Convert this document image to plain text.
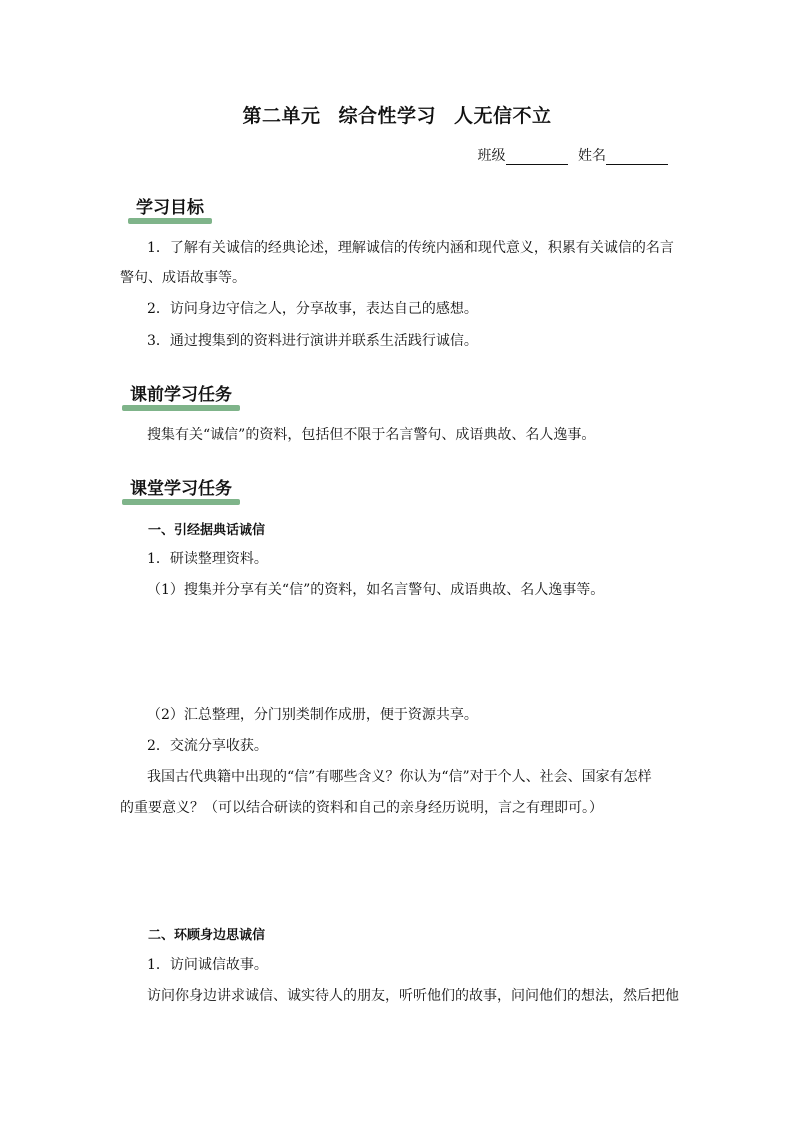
第二单元 综合性学习 人无信不立
班级	姓名
学习目标
1．了解有关诚信的经典论述，理解诚信的传统内涵和现代意义，积累有关诚信的名言
警句、成语故事等。
2．访问身边守信之人，分享故事，表达自己的感想。
3．通过搜集到的资料进行演讲并联系生活践行诚信。
课前学习任务
搜集有关“诚信”的资料，包括但不限于名言警句、成语典故、名人逸事。
课堂学习任务
一、引经据典话诚信
1．研读整理资料。
（1）搜集并分享有关“信”的资料，如名言警句、成语典故、名人逸事等。
（2）汇总整理，分门别类制作成册，便于资源共享。
2．交流分享收获。
我国古代典籍中出现的“信”有哪些含义？你认为“信”对于个人、社会、国家有怎样
的重要意义？（可以结合研读的资料和自己的亲身经历说明，言之有理即可。）
二、环顾身边思诚信
1．访问诚信故事。
访问你身边讲求诚信、诚实待人的朋友，听听他们的故事，问问他们的想法，然后把他
